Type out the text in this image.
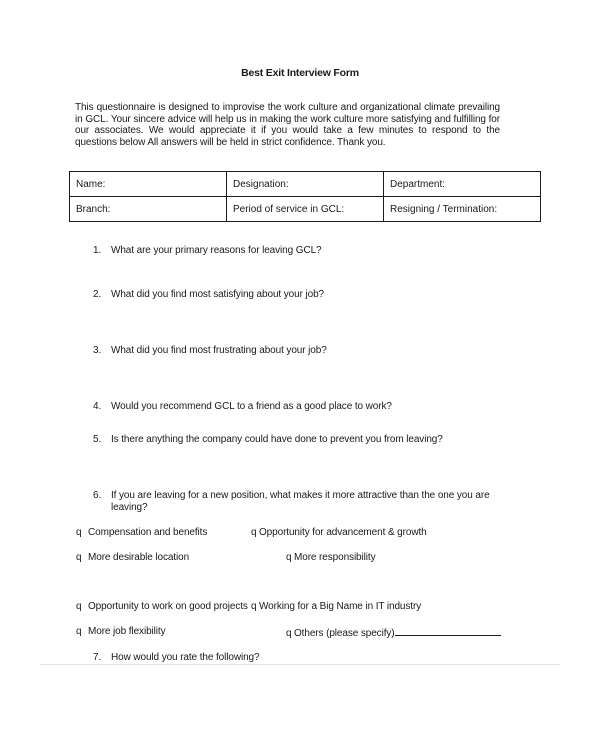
Best Exit Interview Form
This questionnaire is designed to improvise the work culture and organizational climate prevailing in GCL. Your sincere advice will help us in making the work culture more satisfying and fulfilling for our associates. We would appreciate it if you would take a few minutes to respond to the questions below All answers will be held in strict confidence. Thank you.
Name:	Designation:	Department:
Branch:	Period of service in GCL:	Resigning / Termination:
1. What are your primary reasons for leaving GCL?
2. What did you find most satisfying about your job?
3. What did you find most frustrating about your job?
4. Would you recommend GCL to a friend as a good place to work?
5. Is there anything the company could have done to prevent you from leaving?
6. If you are leaving for a new position, what makes it more attractive than the one you are
leaving?
q Compensation and benefits	q Opportunity for advancement & growth
q More desirable location	q More responsibility
q Opportunity to work on good projects q Working for a Big Name in IT industry
q More job flexibility	q Others (please specify)
7. How would you rate the following?
